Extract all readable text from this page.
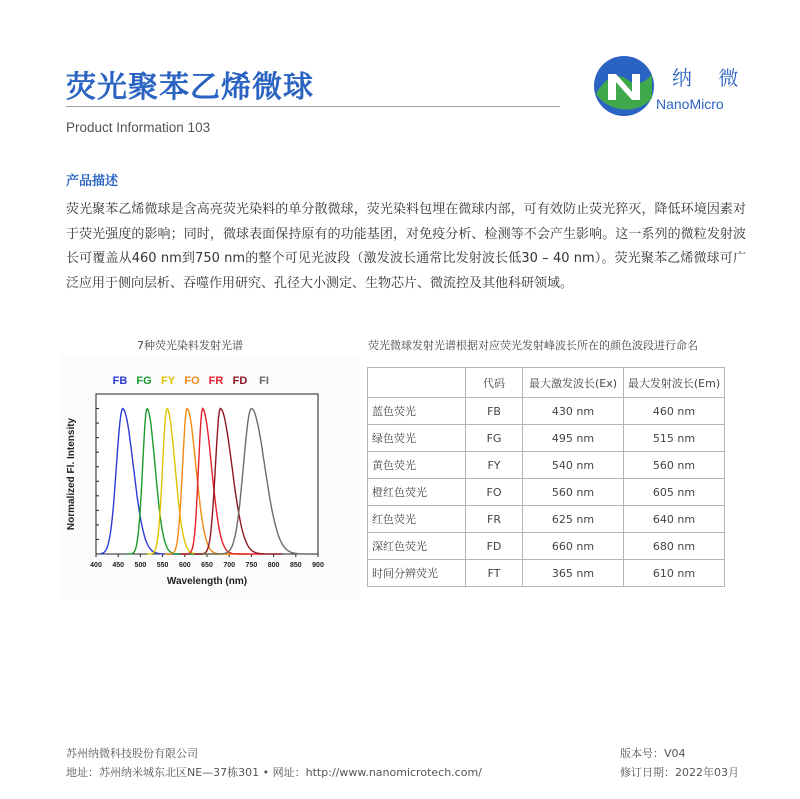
荧光聚苯乙烯微球
Product Information 103
纳 微
NanoMicro
产品描述
荧光聚苯乙烯微球是含高亮荧光染料的单分散微球，荧光染料包埋在微球内部，可有效防止荧光猝灭，降低环境因素对于荧光强度的影响；同时，微球表面保持原有的功能基团，对免疫分析、检测等不会产生影响。这一系列的微粒发射波长可覆盖从460 nm到750 nm的整个可见光波段（激发波长通常比发射波长低30 – 40 nm）。荧光聚苯乙烯微球可广泛应用于侧向层析、吞噬作用研究、孔径大小测定、生物芯片、微流控及其他科研领域。
7种荧光染料发射光谱
400 450 500 550 600 650 700 750 800 850 900
Wavelength (nm)
Normalized Fl. Intensity
FB FG FY FO FR FD FI
荧光微球发射光谱根据对应荧光发射峰波长所在的颜色波段进行命名
	代码	最大激发波长(Ex)	最大发射波长(Em)
蓝色荧光	FB	430 nm	460 nm
绿色荧光	FG	495 nm	515 nm
黄色荧光	FY	540 nm	560 nm
橙红色荧光	FO	560 nm	605 nm
红色荧光	FR	625 nm	640 nm
深红色荧光	FD	660 nm	680 nm
时间分辨荧光	FT	365 nm	610 nm
苏州纳微科技股份有限公司
地址：苏州纳米城东北区NE—37栋301 • 网址：http://www.nanomicrotech.com/
版本号：V04
修订日期：2022年03月
